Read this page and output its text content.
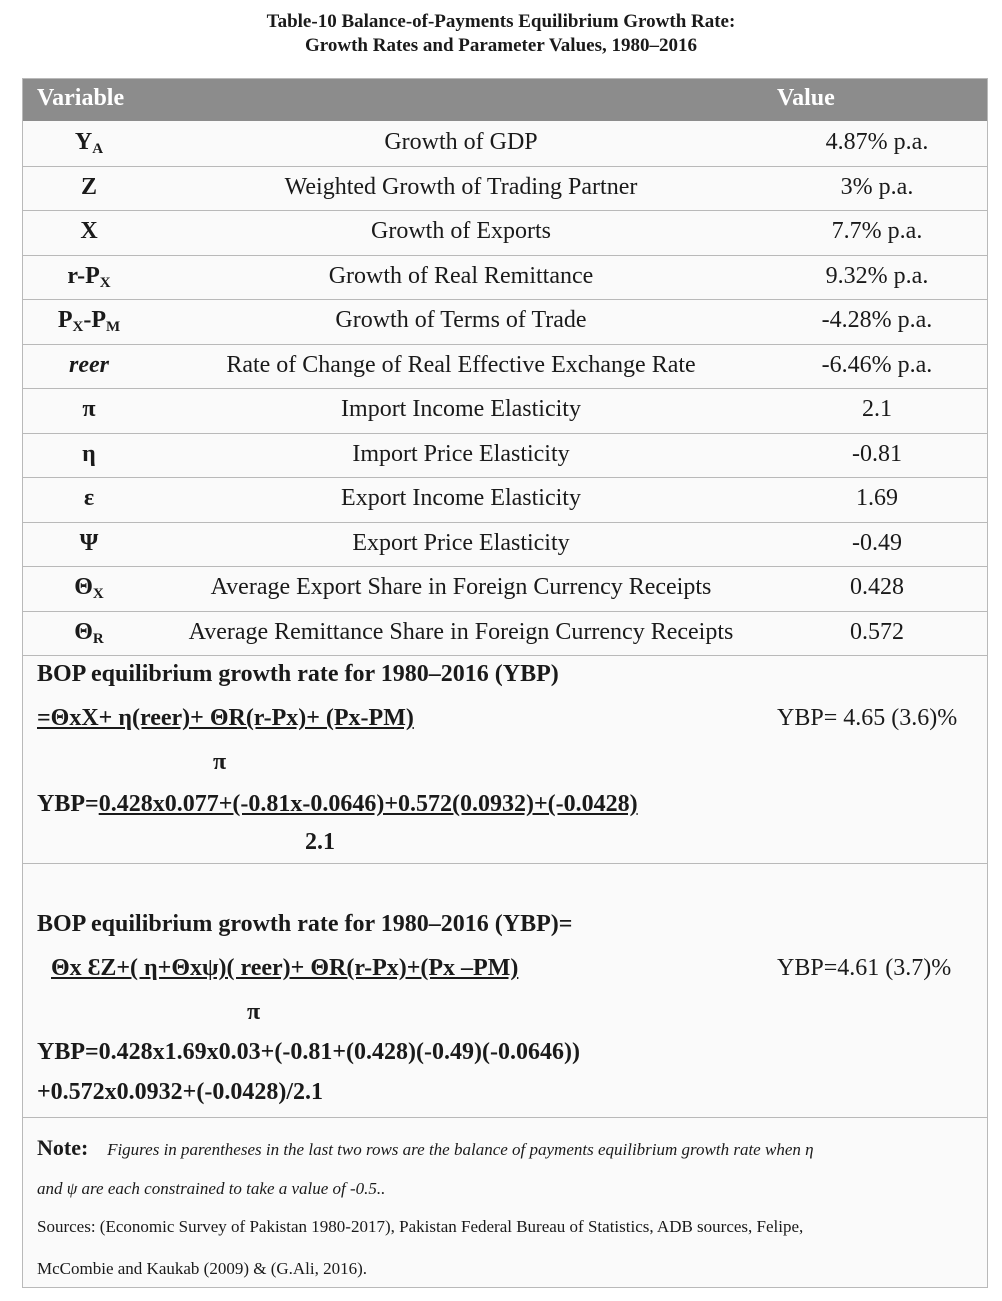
Table-10 Balance-of-Payments Equilibrium Growth Rate:
Growth Rates and Parameter Values, 1980–2016
Variable	Value
$Y_A$	Growth of GDP	4.87% p.a.
Z	Weighted Growth of Trading Partner	3% p.a.
X	Growth of Exports	7.7% p.a.
$r-P_X$	Growth of Real Remittance	9.32% p.a.
$P_X-P_M$	Growth of Terms of Trade	-4.28% p.a.
reer	Rate of Change of Real Effective Exchange Rate	-6.46% p.a.
π	Import Income Elasticity	2.1
η	Import Price Elasticity	-0.81
ε	Export Income Elasticity	1.69
Ψ	Export Price Elasticity	-0.49
$\Theta_X$	Average Export Share in Foreign Currency Receipts	0.428
$\Theta_R$	Average Remittance Share in Foreign Currency Receipts	0.572
BOP equilibrium growth rate for 1980–2016 (YBP)
=ΘxX+ η(reer)+ ΘR(r-Px)+ (Px-PM)
π
YBP=0.428x0.077+(-0.81x-0.0646)+0.572(0.0932)+(-0.0428)
2.1
YBP= 4.65 (3.6)%
BOP equilibrium growth rate for 1980–2016 (YBP)=
Θx ƐZ+( η+Θxψ)( reer)+ ΘR(r-Px)+(Px –PM)
π
YBP=0.428x1.69x0.03+(-0.81+(0.428)(-0.49)(-0.0646))
+0.572x0.0932+(-0.0428)/2.1
YBP=4.61 (3.7)%
Note: Figures in parentheses in the last two rows are the balance of payments equilibrium growth rate when η
and ψ are each constrained to take a value of -0.5..
Sources: (Economic Survey of Pakistan 1980-2017), Pakistan Federal Bureau of Statistics, ADB sources, Felipe,
McCombie and Kaukab (2009) & (G.Ali, 2016).
